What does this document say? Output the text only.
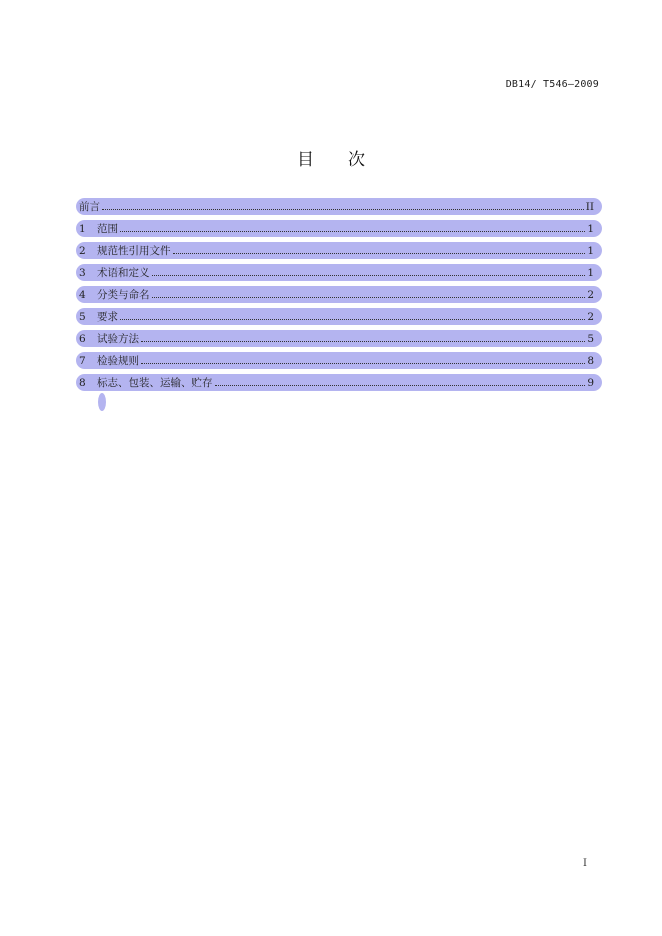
DB14/ T546—2009
目 次
前言	II
1	范围	1
2	规范性引用文件	1
3	术语和定义	1
4	分类与命名	2
5	要求	2
6	试验方法	5
7	检验规则	8
8	标志、包装、运输、贮存	9
I
